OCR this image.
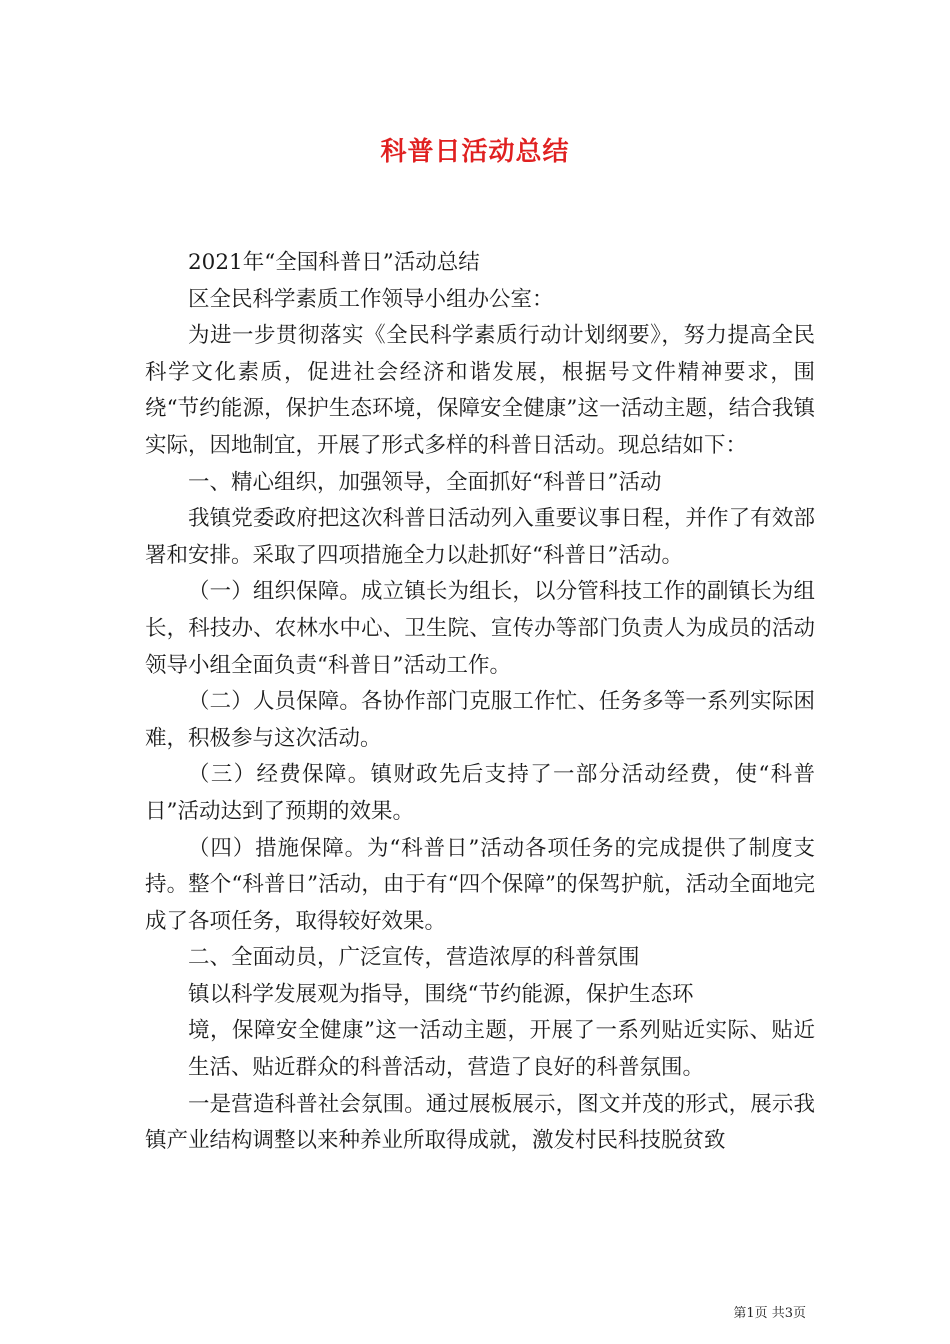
科普日活动总结

2021年“全国科普日”活动总结

区全民科学素质工作领导小组办公室：

为进一步贯彻落实《全民科学素质行动计划纲要》，努力提高全民科学文化素质，促进社会经济和谐发展，根据号文件精神要求，围绕“节约能源，保护生态环境，保障安全健康”这一活动主题，结合我镇实际，因地制宜，开展了形式多样的科普日活动。现总结如下：

一、精心组织，加强领导，全面抓好“科普日”活动

我镇党委政府把这次科普日活动列入重要议事日程，并作了有效部署和安排。采取了四项措施全力以赴抓好“科普日”活动。

（一）组织保障。成立镇长为组长，以分管科技工作的副镇长为组长，科技办、农林水中心、卫生院、宣传办等部门负责人为成员的活动领导小组全面负责“科普日”活动工作。

（二）人员保障。各协作部门克服工作忙、任务多等一系列实际困难，积极参与这次活动。

（三）经费保障。镇财政先后支持了一部分活动经费，使“科普日”活动达到了预期的效果。

（四）措施保障。为“科普日”活动各项任务的完成提供了制度支持。整个“科普日”活动，由于有“四个保障”的保驾护航，活动全面地完成了各项任务，取得较好效果。

二、全面动员，广泛宣传，营造浓厚的科普氛围

镇以科学发展观为指导，围绕“节约能源，保护生态环

境，保障安全健康”这一活动主题，开展了一系列贴近实际、贴近生活、贴近群众的科普活动，营造了良好的科普氛围。

一是营造科普社会氛围。通过展板展示，图文并茂的形式，展示我镇产业结构调整以来种养业所取得成就，激发村民科技脱贫致

第1页 共3页
